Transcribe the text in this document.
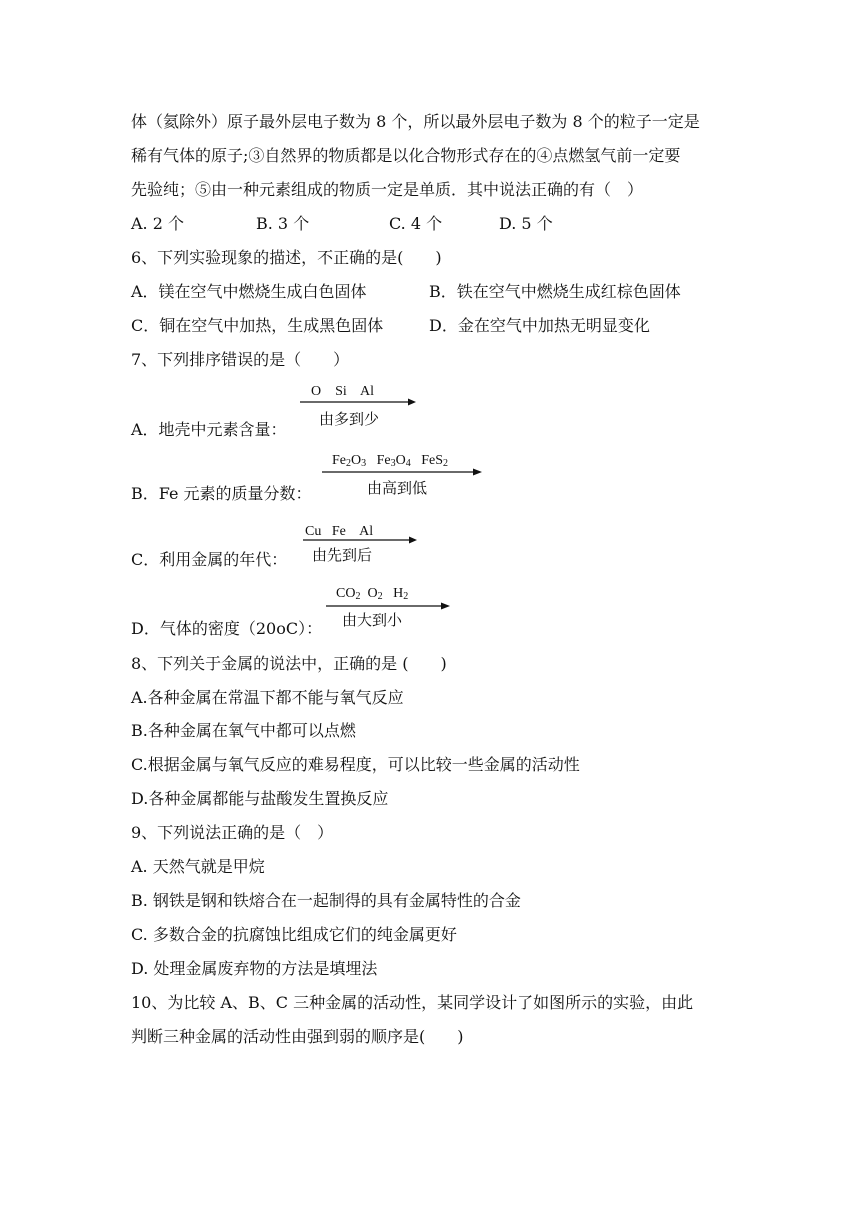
体（氦除外）原子最外层电子数为 8 个，所以最外层电子数为 8 个的粒子一定是
稀有气体的原子;③自然界的物质都是以化合物形式存在的④点燃氢气前一定要
先验纯；⑤由一种元素组成的物质一定是单质．其中说法正确的有（　）
A. 2 个	B. 3 个	C. 4 个	D. 5 个
6、下列实验现象的描述，不正确的是(　　)
A．镁在空气中燃烧生成白色固体	B．铁在空气中燃烧生成红棕色固体
C．铜在空气中加热，生成黑色固体	D．金在空气中加热无明显变化
7、下列排序错误的是（　　）
A．地壳中元素含量：
O Si Al
由多到少
B．Fe 元素的质量分数：
$Fe_2O_3$ $Fe_3O_4$ FeS$_2$
由高到低
C．利用金属的年代：
Cu Fe Al
由先到后
D．气体的密度（20oC）：
$CO_2$ $O_2$ $H_2$
由大到小
8、下列关于金属的说法中，正确的是 (　　)
A.各种金属在常温下都不能与氧气反应
B.各种金属在氧气中都可以点燃
C.根据金属与氧气反应的难易程度，可以比较一些金属的活动性
D.各种金属都能与盐酸发生置换反应
9、下列说法正确的是（　）
A. 天然气就是甲烷
B. 钢铁是钢和铁熔合在一起制得的具有金属特性的合金
C. 多数合金的抗腐蚀比组成它们的纯金属更好
D. 处理金属废弃物的方法是填埋法
10、为比较 A、B、C 三种金属的活动性，某同学设计了如图所示的实验，由此
判断三种金属的活动性由强到弱的顺序是(　　)
